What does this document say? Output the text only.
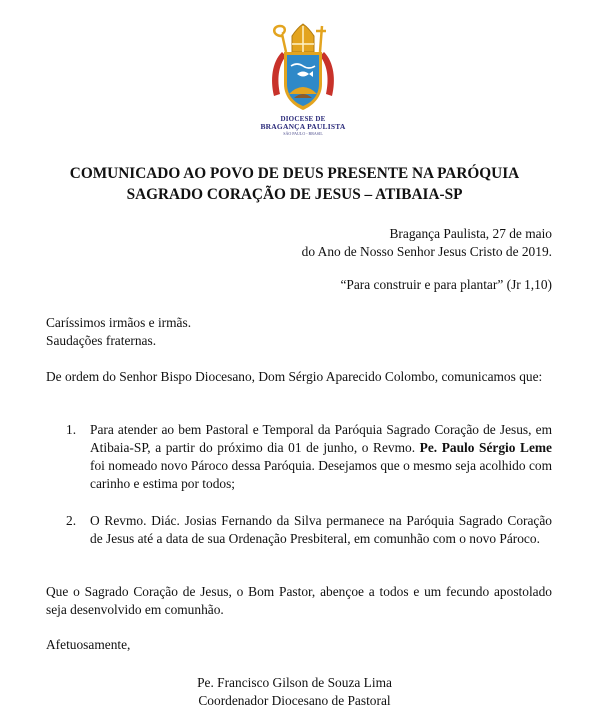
DIOCESE DE
BRAGANÇA PAULISTA
SÃO PAULO - BRASIL
COMUNICADO AO POVO DE DEUS PRESENTE NA PARÓQUIA
SAGRADO CORAÇÃO DE JESUS – ATIBAIA-SP
Bragança Paulista, 27 de maio
do Ano de Nosso Senhor Jesus Cristo de 2019.
“Para construir e para plantar” (Jr 1,10)
Caríssimos irmãos e irmãs.
Saudações fraternas.
De ordem do Senhor Bispo Diocesano, Dom Sérgio Aparecido Colombo, comunicamos que:
1. Para atender ao bem Pastoral e Temporal da Paróquia Sagrado Coração de Jesus, em Atibaia-SP, a partir do próximo dia 01 de junho, o Revmo. Pe. Paulo Sérgio Leme foi nomeado novo Pároco dessa Paróquia. Desejamos que o mesmo seja acolhido com carinho e estima por todos;
2. O Revmo. Diác. Josias Fernando da Silva permanece na Paróquia Sagrado Coração de Jesus até a data de sua Ordenação Presbiteral, em comunhão com o novo Pároco.
Que o Sagrado Coração de Jesus, o Bom Pastor, abençoe a todos e um fecundo apostolado seja desenvolvido em comunhão.
Afetuosamente,
Pe. Francisco Gilson de Souza Lima
Coordenador Diocesano de Pastoral
